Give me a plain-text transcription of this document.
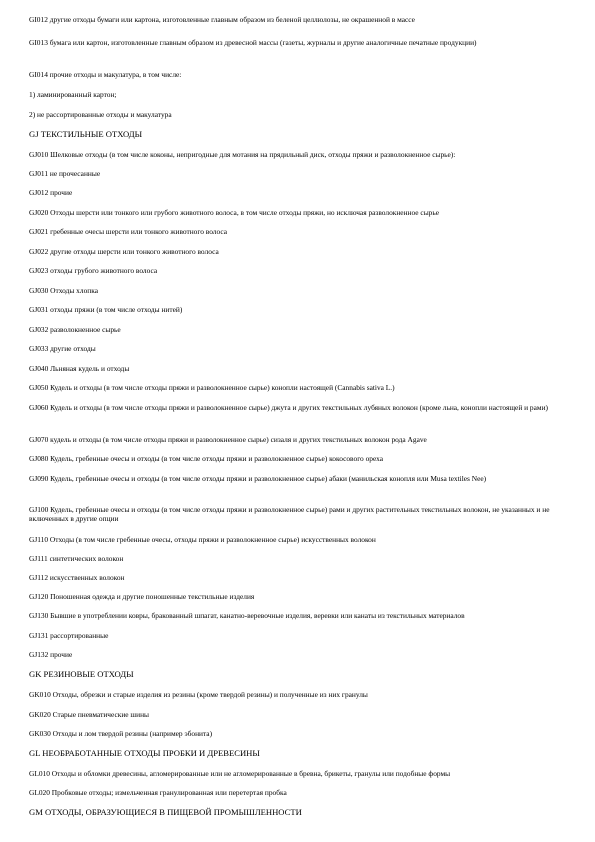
GI012 другие отходы бумаги или картона, изготовленные главным образом из беленой целлюлозы, не окрашенной в массе
GI013 бумага или картон, изготовленные главным образом из древесной массы (газеты, журналы и другие аналогичные печатные продукции)
GI014 прочие отходы и макулатура, в том числе:
1) ламинированный картон;
2) не рассортированные отходы и макулатура
GJ ТЕКСТИЛЬНЫЕ ОТХОДЫ
GJ010 Шелковые отходы (в том числе коконы, непригодные для мотания на прядильный диск, отходы пряжи и разволокненное сырье):
GJ011 не прочесанные
GJ012 прочие
GJ020 Отходы шерсти или тонкого или грубого животного волоса, в том числе отходы пряжи, но исключая разволокненное сырье
GJ021 гребенные очесы шерсти или тонкого животного волоса
GJ022 другие отходы шерсти или тонкого животного волоса
GJ023 отходы грубого животного волоса
GJ030 Отходы хлопка
GJ031 отходы пряжи (в том числе отходы нитей)
GJ032 разволокненное сырье
GJ033 другие отходы
GJ040 Льняная кудель и отходы
GJ050 Кудель и отходы (в том числе отходы пряжи и разволокненное сырье) конопли настоящей (Cannabis sativa L.)
GJ060 Кудель и отходы (в том числе отходы пряжи и разволокненное сырье) джута и других текстильных лубяных волокон (кроме льна, конопли настоящей и рами)
GJ070 кудель и отходы (в том числе отходы пряжи и разволокненное сырье) сизаля и других текстильных волокон рода Agave
GJ080 Кудель, гребенные очесы и отходы (в том числе отходы пряжи и разволокненное сырье) кокосового ореха
GJ090 Кудель, гребенные очесы и отходы (в том числе отходы пряжи и разволокненное сырье) абаки (манильская конопля или Musa textiles Nee)
GJ100 Кудель, гребенные очесы и отходы (в том числе отходы пряжи и разволокненное сырье) рами и других растительных текстильных волокон, не указанных и не включенных в другие опции
GJ110 Отходы (в том числе гребенные очесы, отходы пряжи и разволокненное сырье) искусственных волокон
GJ111 синтетических волокон
GJ112 искусственных волокон
GJ120 Поношенная одежда и другие поношенные текстильные изделия
GJ130 Бывшие в употреблении ковры, бракованный шпагат, канатно-веревочные изделия, веревки или канаты из текстильных материалов
GJ131 рассортированные
GJ132 прочие
GK РЕЗИНОВЫЕ ОТХОДЫ
GK010 Отходы, обрезки и старые изделия из резины (кроме твердой резины) и полученные из них гранулы
GK020 Старые пневматические шины
GK030 Отходы и лом твердой резины (например эбонита)
GL НЕОБРАБОТАННЫЕ ОТХОДЫ ПРОБКИ И ДРЕВЕСИНЫ
GL010 Отходы и обломки древесины, агломерированные или не агломерированные в бревна, брикеты, гранулы или подобные формы
GL020 Пробковые отходы; измельченная гранулированная или перетертая пробка
GM ОТХОДЫ, ОБРАЗУЮЩИЕСЯ В ПИЩЕВОЙ ПРОМЫШЛЕННОСТИ
